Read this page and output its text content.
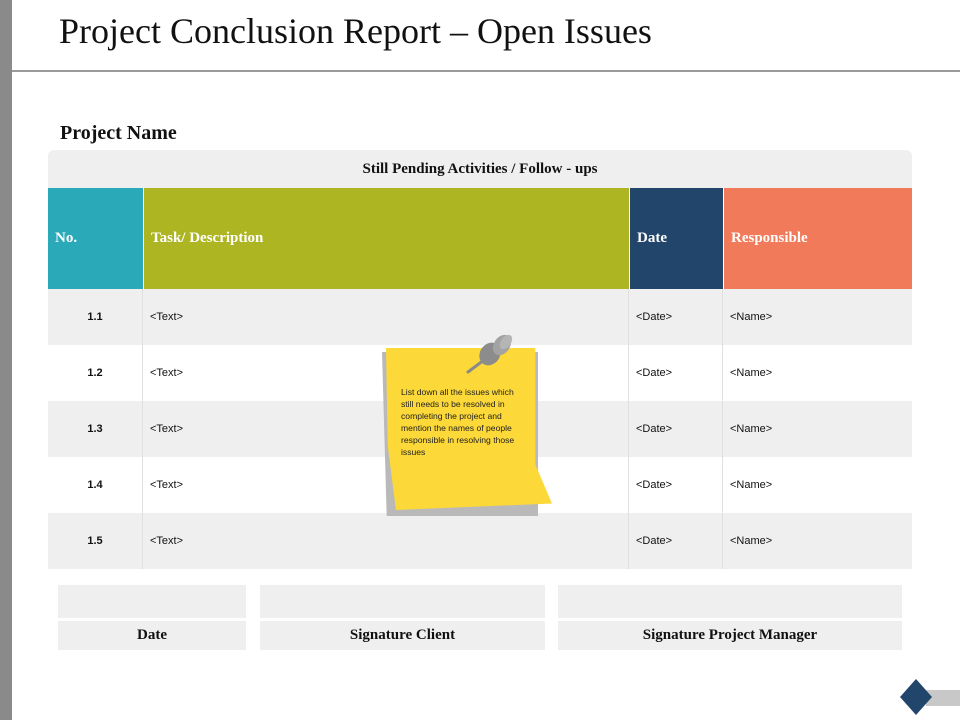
Project Conclusion Report – Open Issues
Project Name
Still Pending Activities / Follow - ups
No.	Task/ Description	Date	Responsible
1.1	<Text>	<Date>	<Name>
1.2	<Text>	<Date>	<Name>
1.3	<Text>	<Date>	<Name>
1.4	<Text>	<Date>	<Name>
1.5	<Text>	<Date>	<Name>

List down all the issues which still needs to be resolved in completing the project and mention the names of people responsible in resolving those issues

Date	Signature Client	Signature Project Manager
